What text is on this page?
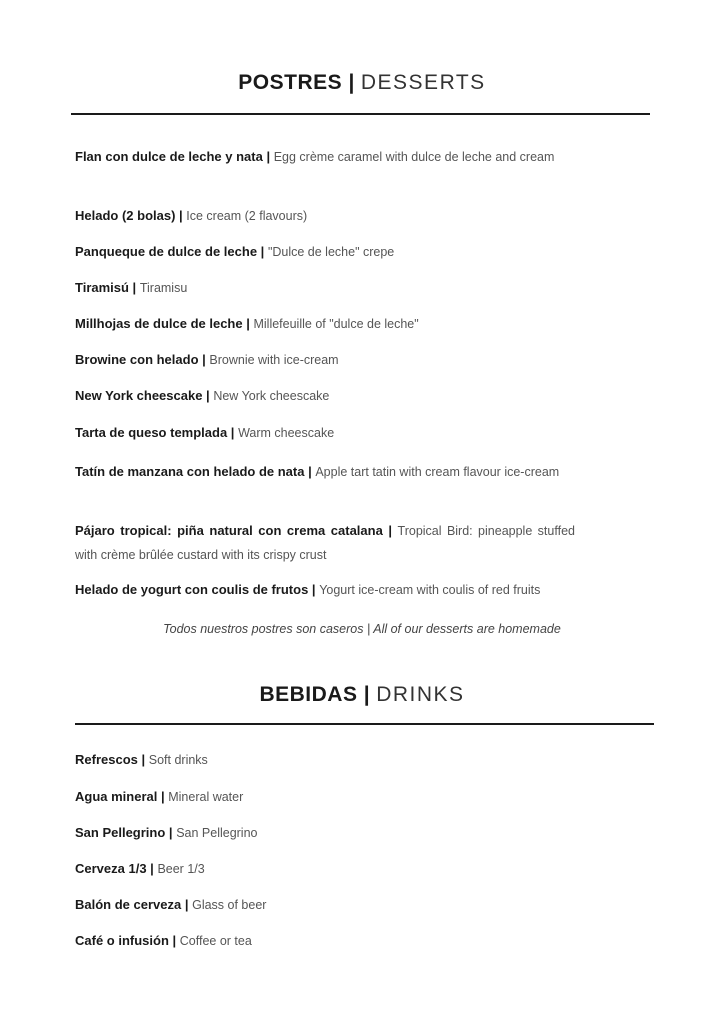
POSTRES | DESSERTS
Flan con dulce de leche y nata | Egg crème caramel with dulce de leche and cream
Helado (2 bolas) | Ice cream (2 flavours)
Panqueque de dulce de leche | "Dulce de leche" crepe
Tiramisú | Tiramisu
Millhojas de dulce de leche | Millefeuille of "dulce de leche"
Browine con helado | Brownie with ice-cream
New York cheescake | New York cheescake
Tarta de queso templada | Warm cheescake
Tatín de manzana con helado de nata | Apple tart tatin with cream flavour ice-cream
Pájaro tropical: piña natural con crema catalana | Tropical Bird: pineapple stuffed with crème brûlée custard with its crispy crust
Helado de yogurt con coulis de frutos | Yogurt ice-cream with coulis of red fruits
Todos nuestros postres son caseros | All of our desserts are homemade
BEBIDAS | DRINKS
Refrescos | Soft drinks
Agua mineral | Mineral water
San Pellegrino | San Pellegrino
Cerveza 1/3 | Beer 1/3
Balón de cerveza | Glass of beer
Café o infusión | Coffee or tea
